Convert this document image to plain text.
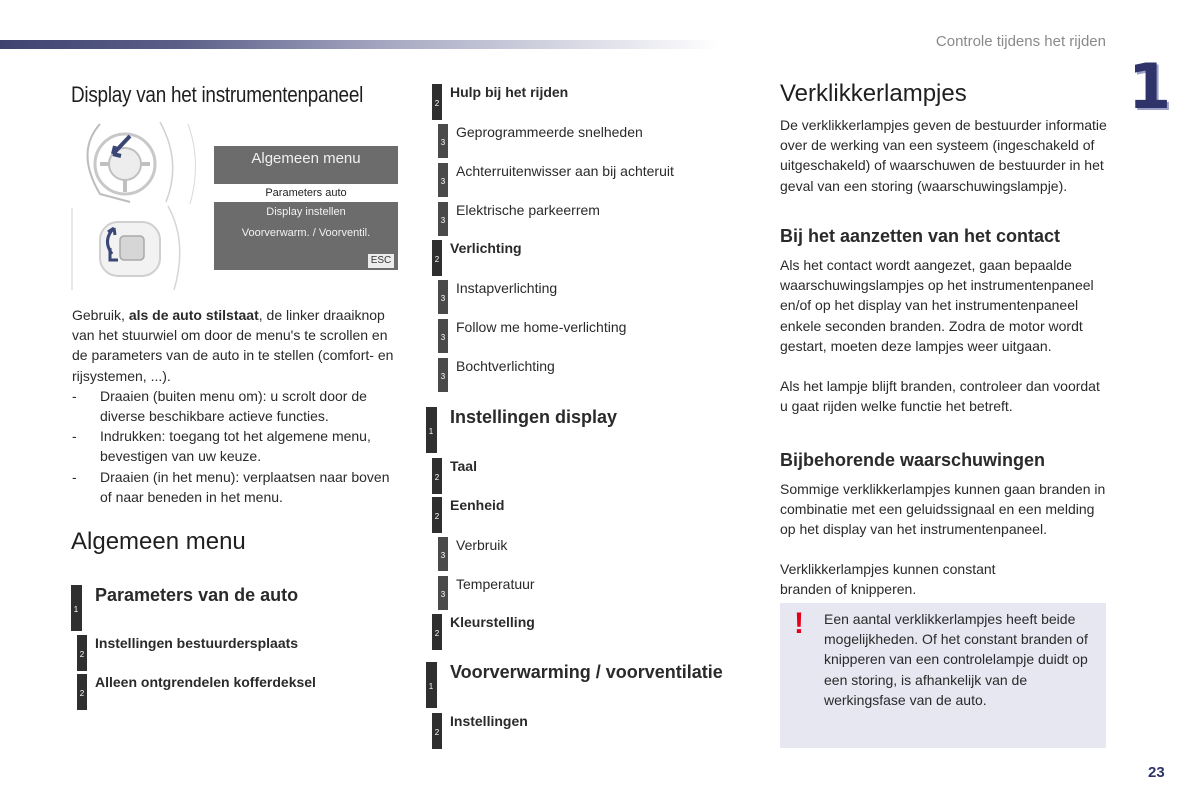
Controle tijdens het rijden
1
Display van het instrumentenpaneel
Algemeen menu
Parameters auto
Display instellen
Voorverwarm. / Voorventil.
ESC

Gebruik, als de auto stilstaat, de linker draaiknop van het stuurwiel om door de menu's te scrollen en de parameters van de auto in te stellen (comfort- en rijsystemen, ...).

-	Draaien (buiten menu om): u scrolt door de diverse beschikbare actieve functies.
-	Indrukken: toegang tot het algemene menu, bevestigen van uw keuze.
-	Draaien (in het menu): verplaatsen naar boven of naar beneden in het menu.
Algemeen menu
1
Parameters van de auto
2
Instellingen bestuurdersplaats
2
Alleen ontgrendelen kofferdeksel
2
Hulp bij het rijden
3
Geprogrammeerde snelheden
3
Achterruitenwisser aan bij achteruit
3
Elektrische parkeerrem
2
Verlichting
3
Instapverlichting
3
Follow me home-verlichting
3
Bochtverlichting
1
Instellingen display
2
Taal
2
Eenheid
3
Verbruik
3
Temperatuur
2
Kleurstelling
1
Voorverwarming / voorventilatie
2
Instellingen
Verklikkerlampjes
De verklikkerlampjes geven de bestuurder informatie over de werking van een systeem (ingeschakeld of uitgeschakeld) of waarschuwen de bestuurder in het geval van een storing (waarschuwingslampje).
Bij het aanzetten van het contact
Als het contact wordt aangezet, gaan bepaalde waarschuwingslampjes op het instrumentenpaneel en/of op het display van het instrumentenpaneel enkele seconden branden. Zodra de motor wordt gestart, moeten deze lampjes weer uitgaan.
Als het lampje blijft branden, controleer dan voordat u gaat rijden welke functie het betreft.
Bijbehorende waarschuwingen
Sommige verklikkerlampjes kunnen gaan branden in combinatie met een geluidssignaal en een melding op het display van het instrumentenpaneel.
Verklikkerlampjes kunnen constant branden of knipperen.
! Een aantal verklikkerlampjes heeft beide mogelijkheden. Of het constant branden of knipperen van een controlelampje duidt op een storing, is afhankelijk van de werkingsfase van de auto.
23
